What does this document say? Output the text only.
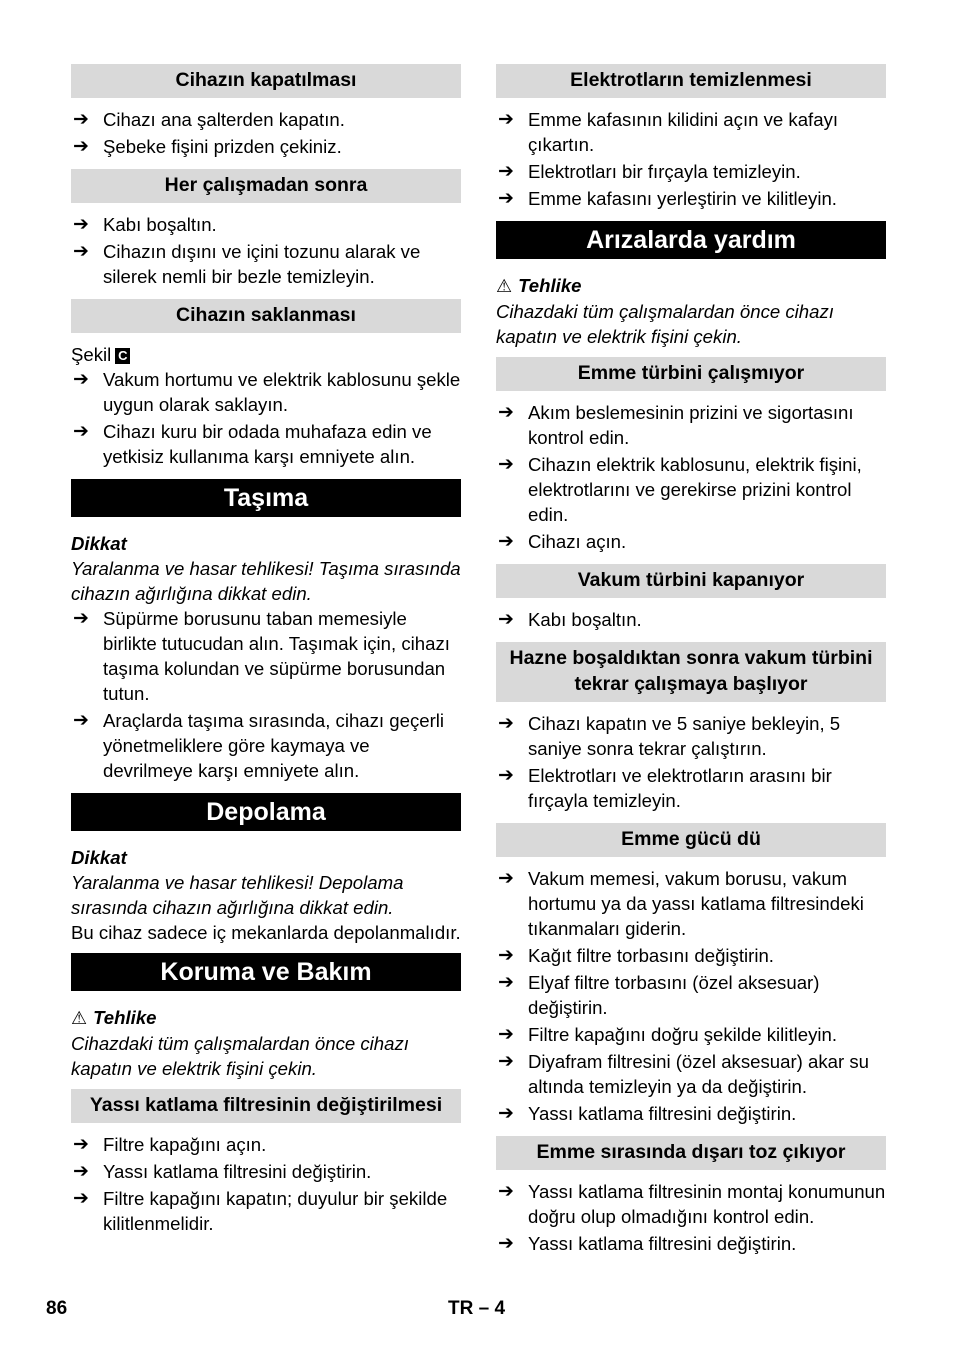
Cihazın kapatılması
➔ Cihazı ana şalterden kapatın.
➔ Şebeke fişini prizden çekiniz.
Her çalışmadan sonra
➔ Kabı boşaltın.
➔ Cihazın dışını ve içini tozunu alarak ve silerek nemli bir bezle temizleyin.
Cihazın saklanması

Şekil C

➔ Vakum hortumu ve elektrik kablosunu şekle uygun olarak saklayın.
➔ Cihazı kuru bir odada muhafaza edin ve yetkisiz kullanıma karşı emniyete alın.
Taşıma

Dikkat

Yaralanma ve hasar tehlikesi! Taşıma sırasında cihazın ağırlığına dikkat edin.

➔ Süpürme borusunu taban memesiyle birlikte tutucudan alın. Taşımak için, cihazı taşıma kolundan ve süpürme borusundan tutun.
➔ Araçlarda taşıma sırasında, cihazı geçerli yönetmeliklere göre kaymaya ve devrilmeye karşı emniyete alın.
Depolama

Dikkat

Yaralanma ve hasar tehlikesi! Depolama sırasında cihazın ağırlığına dikkat edin.

Bu cihaz sadece iç mekanlarda depolanmalıdır.

Koruma ve Bakım

⚠ Tehlike

Cihazdaki tüm çalışmalardan önce cihazı kapatın ve elektrik fişini çekin.

Yassı katlama filtresinin değiştirilmesi
➔ Filtre kapağını açın.
➔ Yassı katlama filtresini değiştirin.
➔ Filtre kapağını kapatın; duyulur bir şekilde kilitlenmelidir.
Elektrotların temizlenmesi
➔ Emme kafasının kilidini açın ve kafayı çıkartın.
➔ Elektrotları bir fırçayla temizleyin.
➔ Emme kafasını yerleştirin ve kilitleyin.
Arızalarda yardım

⚠ Tehlike

Cihazdaki tüm çalışmalardan önce cihazı kapatın ve elektrik fişini çekin.

Emme türbini çalışmıyor
➔ Akım beslemesinin prizini ve sigortasını kontrol edin.
➔ Cihazın elektrik kablosunu, elektrik fişini, elektrotlarını ve gerekirse prizini kontrol edin.
➔ Cihazı açın.
Vakum türbini kapanıyor
➔ Kabı boşaltın.
Hazne boşaldıktan sonra vakum türbini tekrar çalışmaya başlıyor
➔ Cihazı kapatın ve 5 saniye bekleyin, 5 saniye sonra tekrar çalıştırın.
➔ Elektrotları ve elektrotların arasını bir fırçayla temizleyin.
Emme gücü dü
➔ Vakum memesi, vakum borusu, vakum hortumu ya da yassı katlama filtresindeki tıkanmaları giderin.
➔ Kağıt filtre torbasını değiştirin.
➔ Elyaf filtre torbasını (özel aksesuar) değiştirin.
➔ Filtre kapağını doğru şekilde kilitleyin.
➔ Diyafram filtresini (özel aksesuar) akar su altında temizleyin ya da değiştirin.
➔ Yassı katlama filtresini değiştirin.
Emme sırasında dışarı toz çıkıyor
➔ Yassı katlama filtresinin montaj konumunun doğru olup olmadığını kontrol edin.
➔ Yassı katlama filtresini değiştirin.
86	TR – 4
